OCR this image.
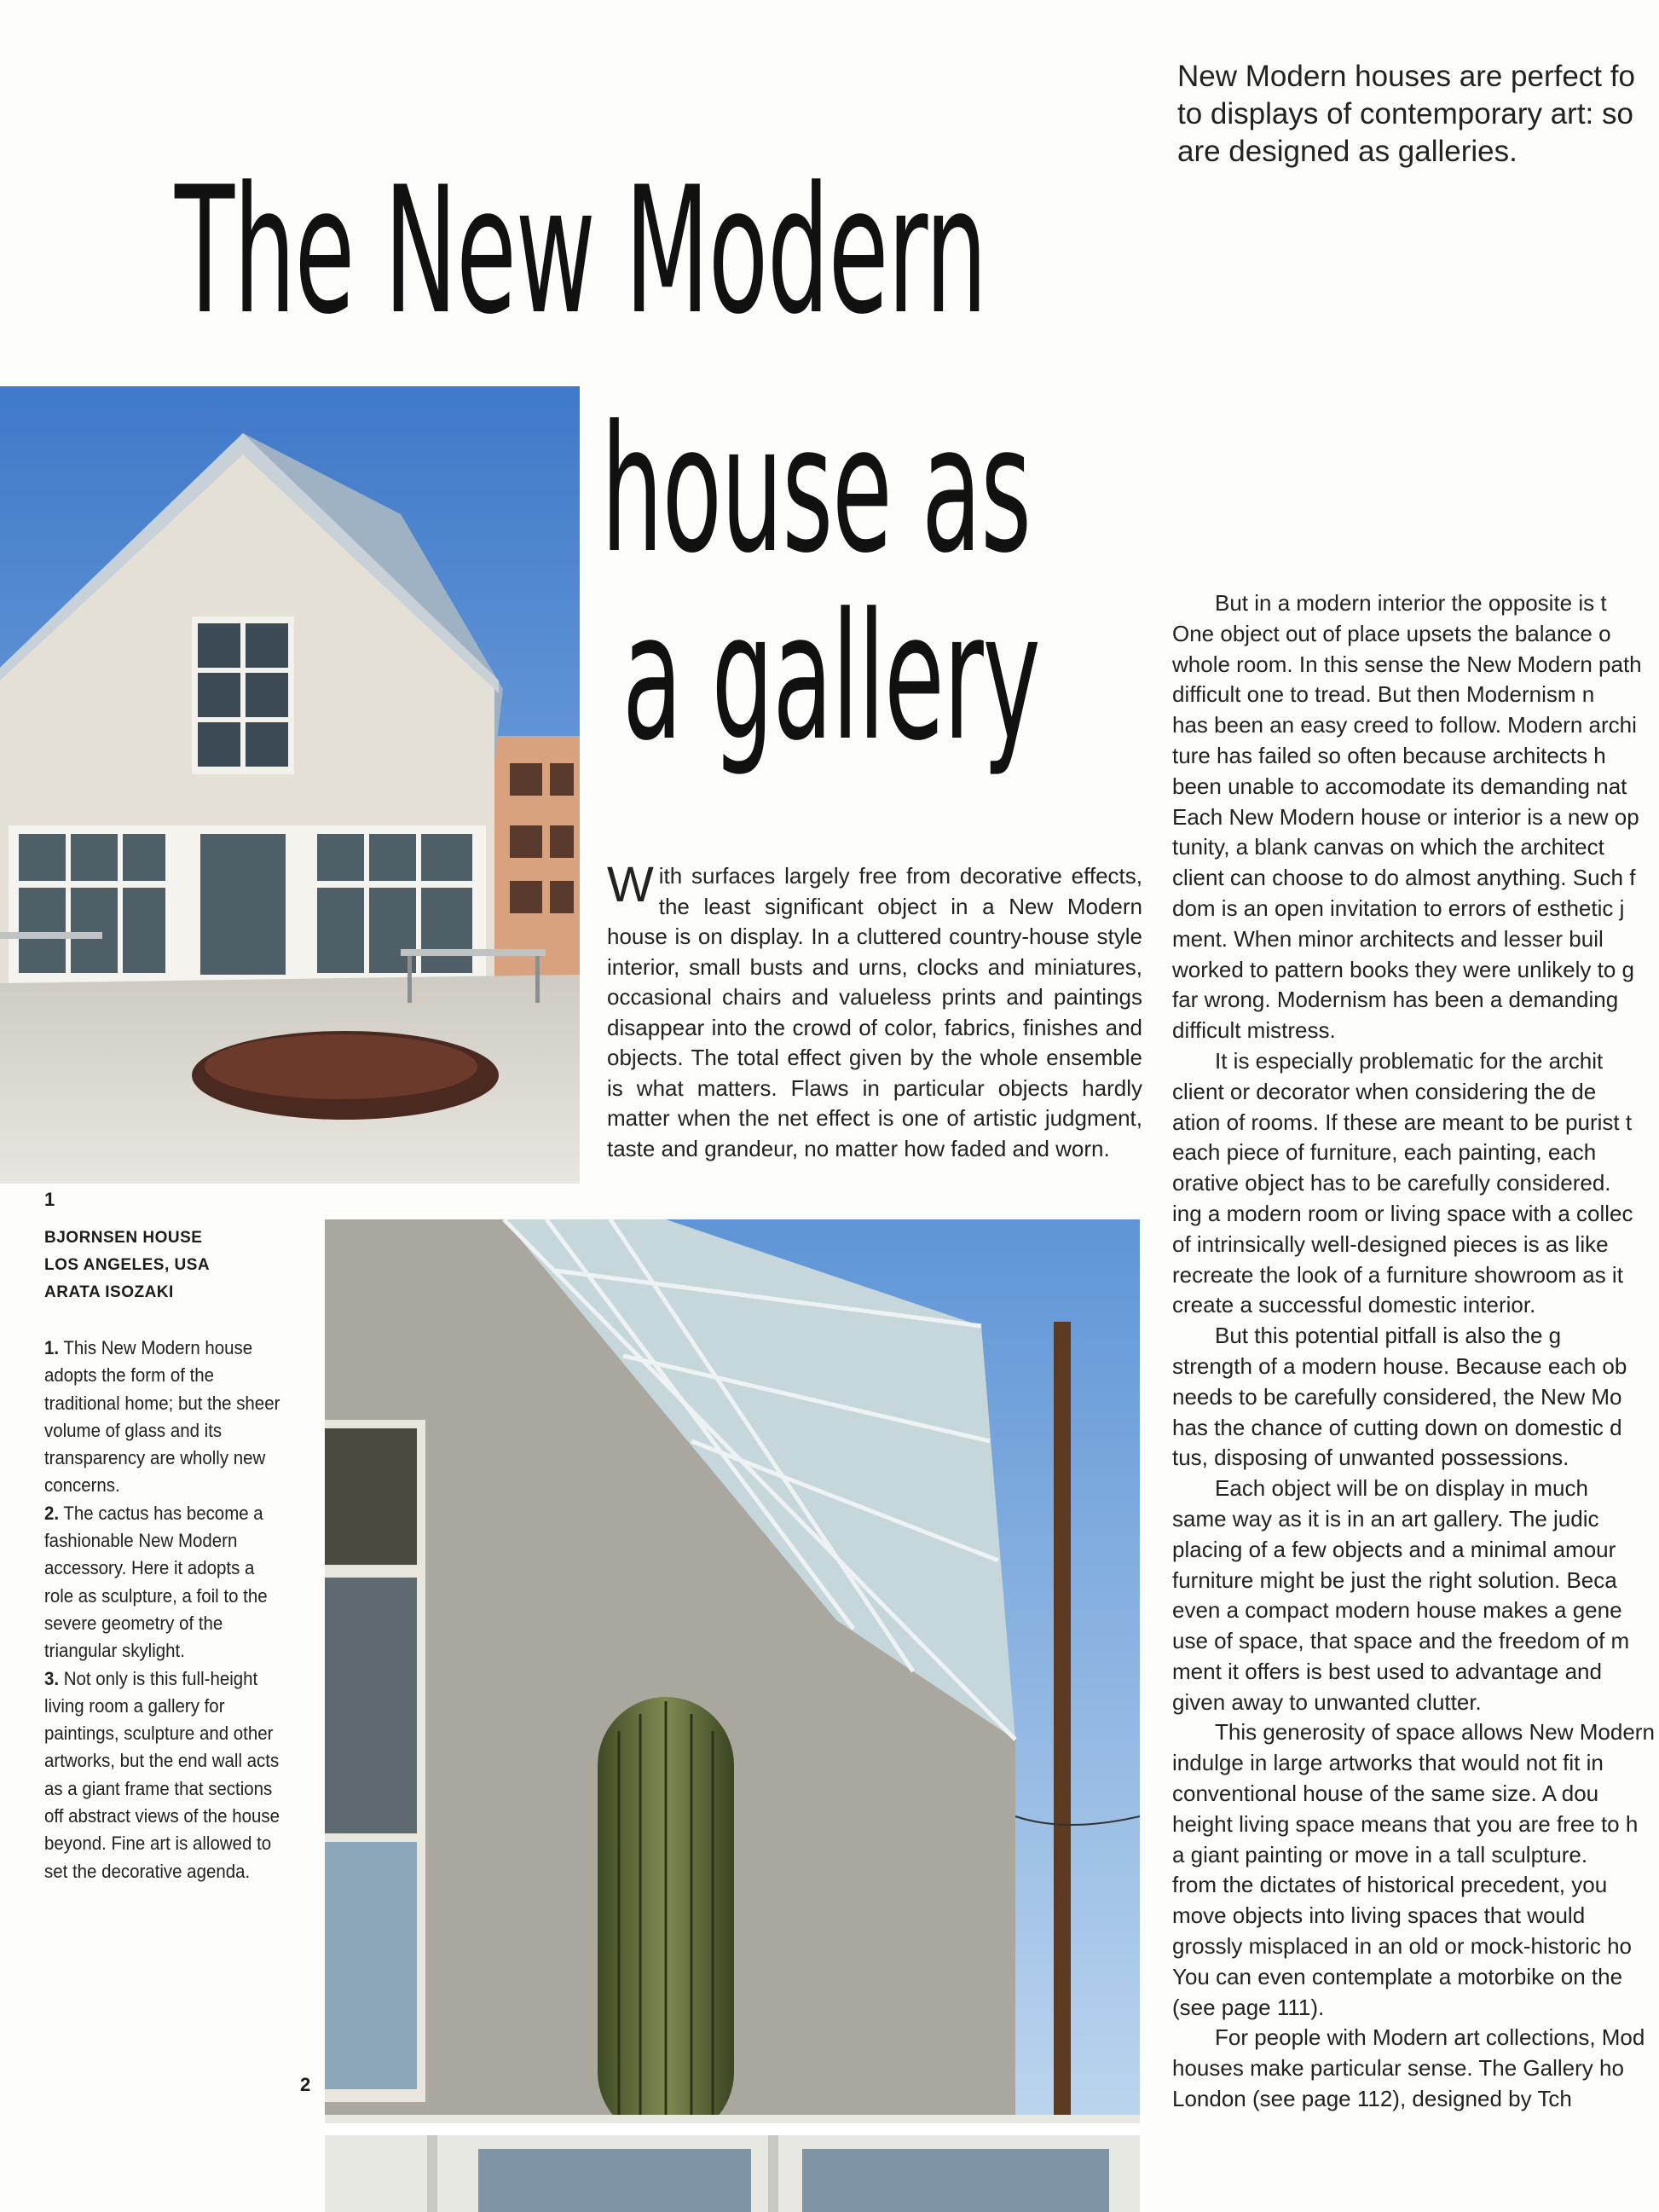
New Modern houses are perfect fo
to displays of contemporary art: so
are designed as galleries.
The New Modern
house as
a gallery
With surfaces largely free from decorative effects, the least significant object in a New Modern house is on display. In a cluttered country-house style interior, small busts and urns, clocks and miniatures, occasional chairs and valueless prints and paintings disappear into the crowd of color, fabrics, finishes and objects. The total effect given by the whole ensemble is what matters. Flaws in particular objects hardly matter when the net effect is one of artistic judgment, taste and grandeur, no matter how faded and worn.
1
BJORNSEN HOUSE
LOS ANGELES, USA
ARATA ISOZAKI

1. This New Modern house adopts the form of the traditional home; but the sheer volume of glass and its transparency are wholly new concerns.

2. The cactus has become a fashionable New Modern accessory. Here it adopts a role as sculpture, a foil to the severe geometry of the triangular skylight.

3. Not only is this full-height living room a gallery for paintings, sculpture and other artworks, but the end wall acts as a giant frame that sections off abstract views of the house beyond. Fine art is allowed to set the decorative agenda.

2
But in a modern interior the opposite is t
One object out of place upsets the balance o
whole room. In this sense the New Modern path
difficult one to tread. But then Modernism n
has been an easy creed to follow. Modern archi
ture has failed so often because architects h
been unable to accomodate its demanding nat
Each New Modern house or interior is a new op
tunity, a blank canvas on which the architect
client can choose to do almost anything. Such f
dom is an open invitation to errors of esthetic j
ment. When minor architects and lesser buil
worked to pattern books they were unlikely to g
far wrong. Modernism has been a demanding
difficult mistress.
It is especially problematic for the archit
client or decorator when considering the de
ation of rooms. If these are meant to be purist t
each piece of furniture, each painting, each
orative object has to be carefully considered.
ing a modern room or living space with a collec
of intrinsically well-designed pieces is as like
recreate the look of a furniture showroom as it
create a successful domestic interior.
But this potential pitfall is also the g
strength of a modern house. Because each ob
needs to be carefully considered, the New Mo
has the chance of cutting down on domestic d
tus, disposing of unwanted possessions.
Each object will be on display in much
same way as it is in an art gallery. The judic
placing of a few objects and a minimal amour
furniture might be just the right solution. Beca
even a compact modern house makes a gene
use of space, that space and the freedom of m
ment it offers is best used to advantage and
given away to unwanted clutter.
This generosity of space allows New Modern
indulge in large artworks that would not fit in
conventional house of the same size. A dou
height living space means that you are free to h
a giant painting or move in a tall sculpture.
from the dictates of historical precedent, you
move objects into living spaces that would
grossly misplaced in an old or mock-historic ho
You can even contemplate a motorbike on the
(see page 111).
For people with Modern art collections, Mod
houses make particular sense. The Gallery ho
London (see page 112), designed by Tch
